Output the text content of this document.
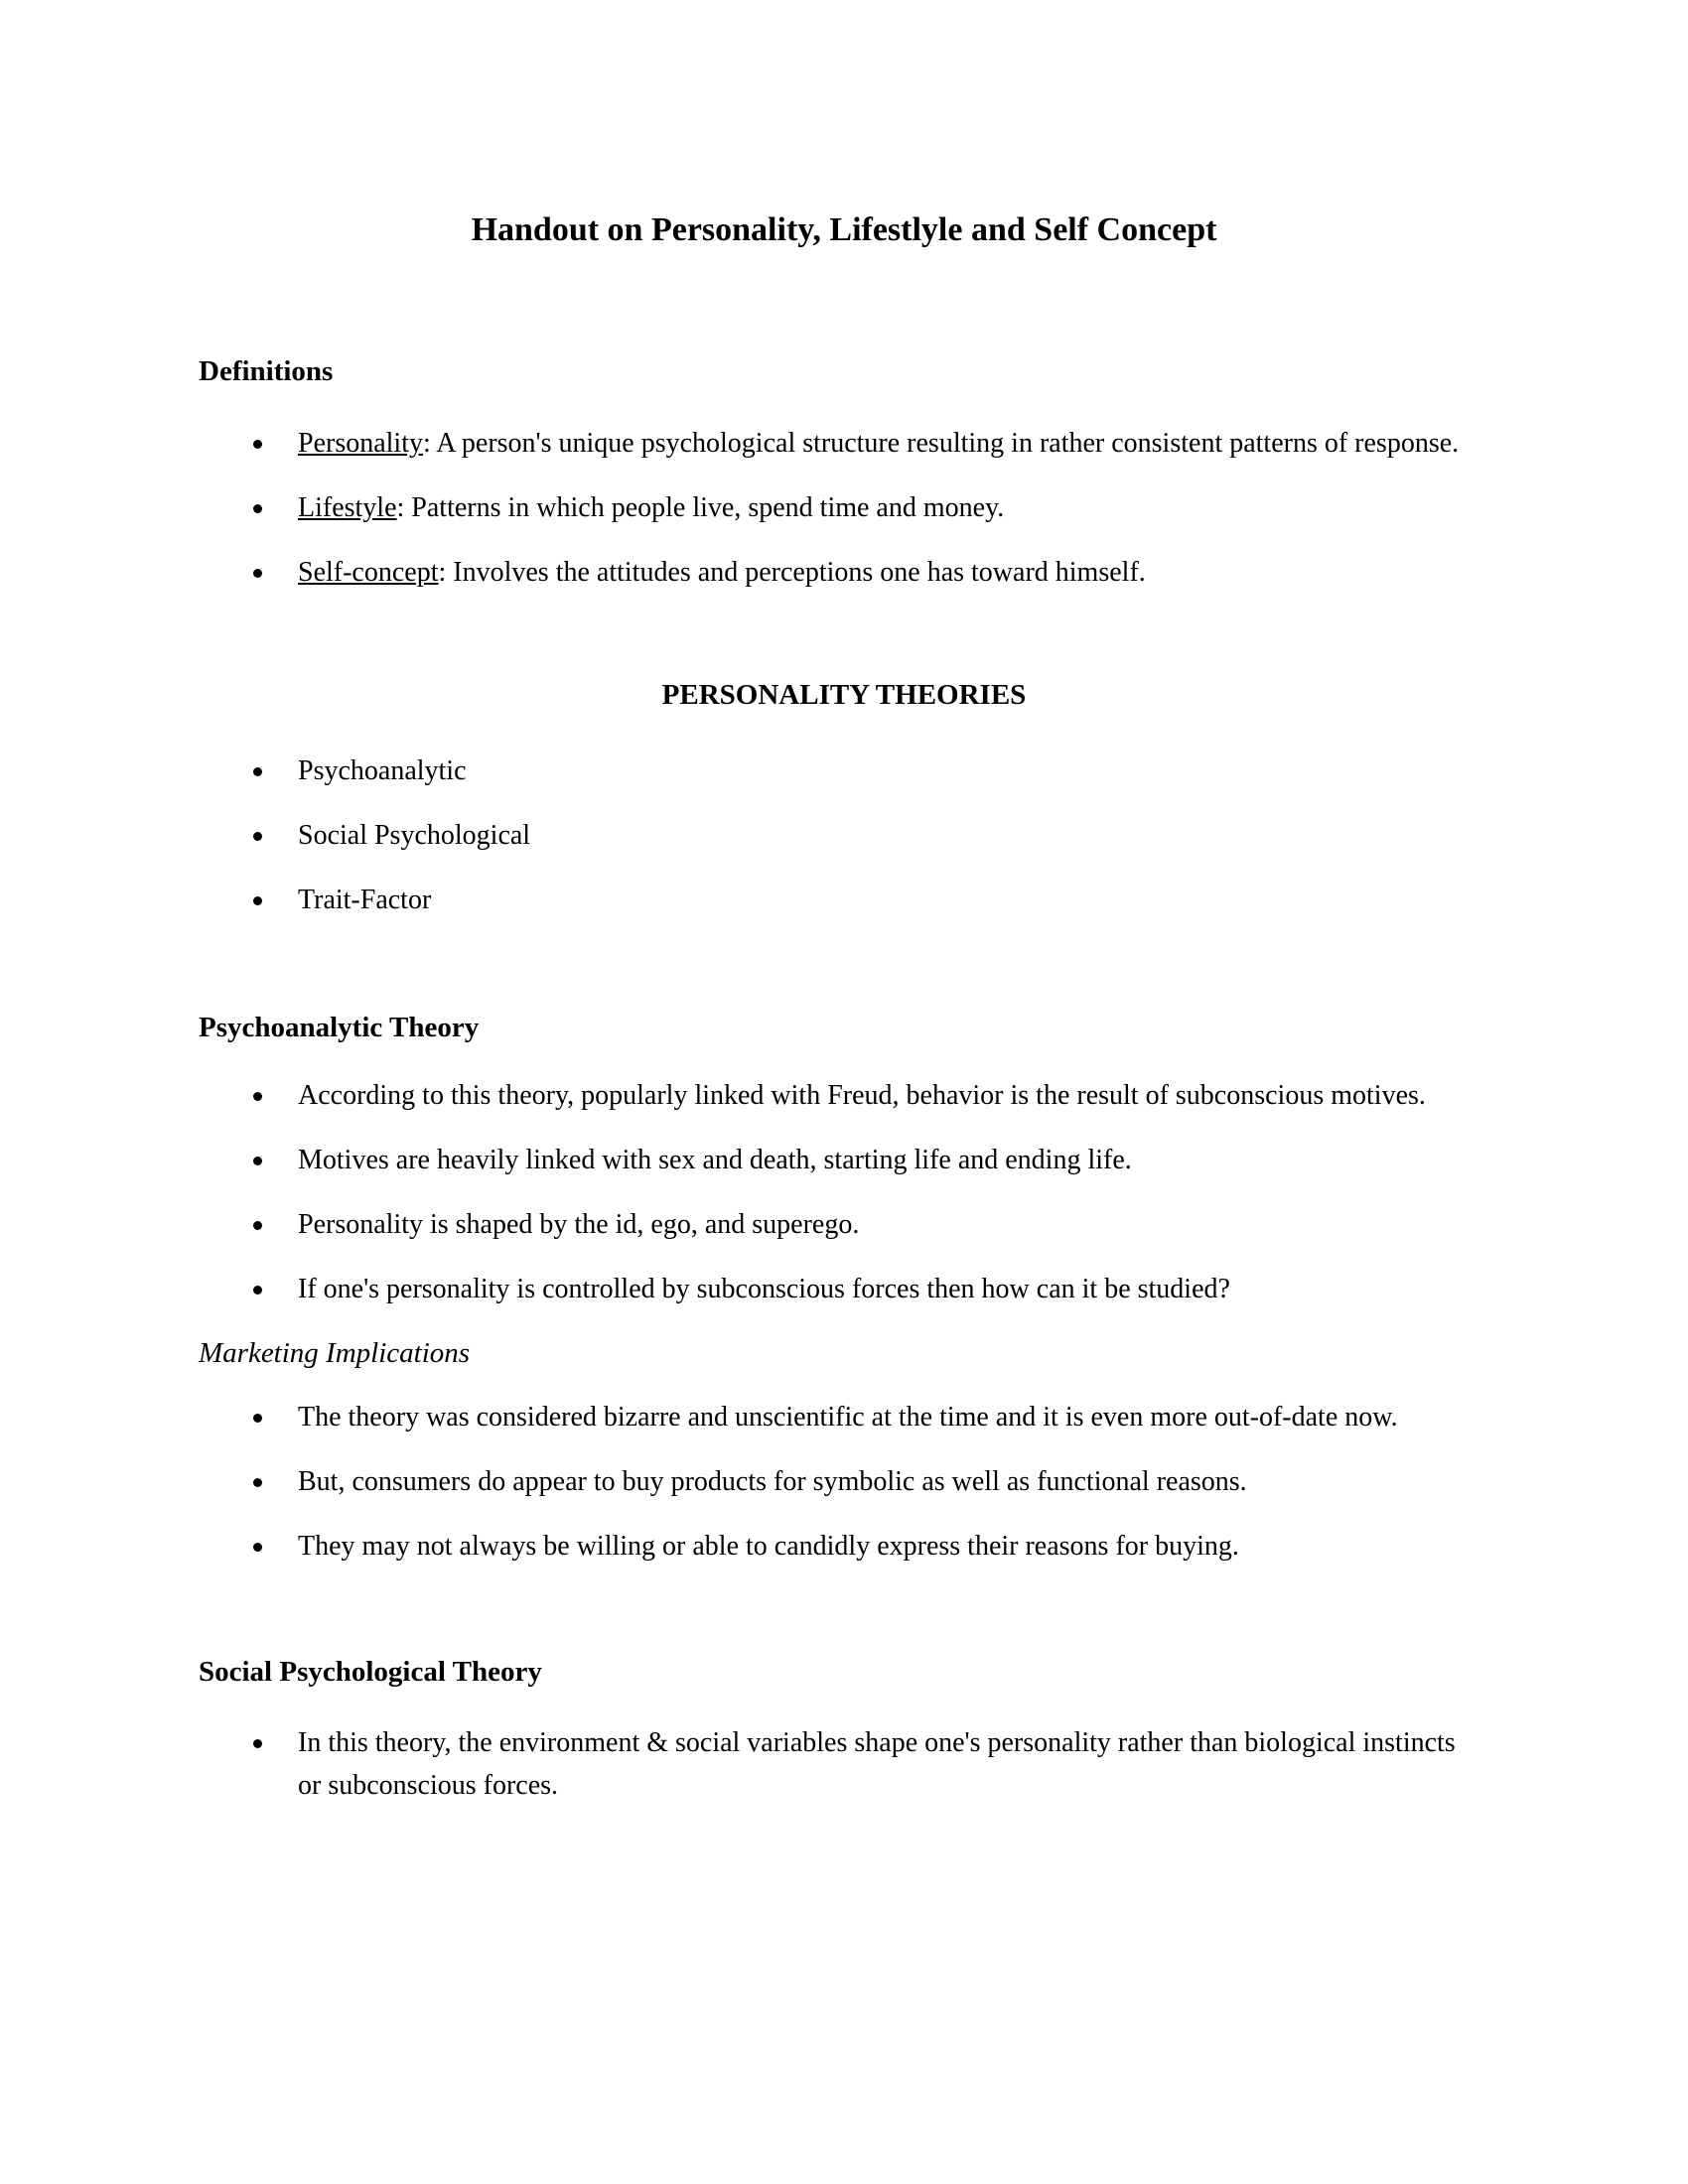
Handout on Personality, Lifestlyle and Self Concept
Definitions
Personality: A person's unique psychological structure resulting in rather consistent patterns of response.
Lifestyle: Patterns in which people live, spend time and money.
Self-concept: Involves the attitudes and perceptions one has toward himself.
PERSONALITY THEORIES
Psychoanalytic
Social Psychological
Trait-Factor
Psychoanalytic Theory
According to this theory, popularly linked with Freud, behavior is the result of subconscious motives.
Motives are heavily linked with sex and death, starting life and ending life.
Personality is shaped by the id, ego, and superego.
If one's personality is controlled by subconscious forces then how can it be studied?

Marketing Implications

The theory was considered bizarre and unscientific at the time and it is even more out-of-date now.
But, consumers do appear to buy products for symbolic as well as functional reasons.
They may not always be willing or able to candidly express their reasons for buying.
Social Psychological Theory
In this theory, the environment & social variables shape one's personality rather than biological instincts or subconscious forces.
